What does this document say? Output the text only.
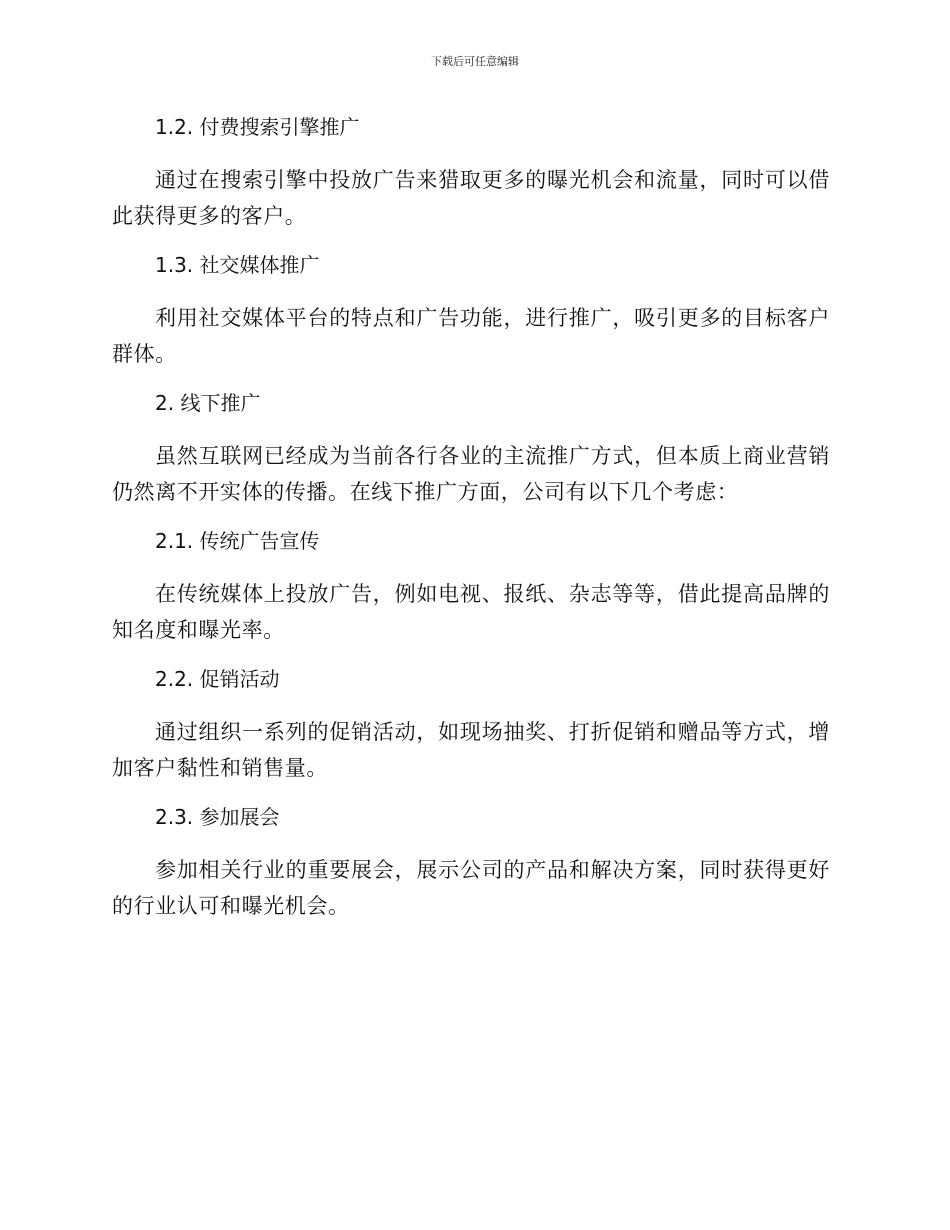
下载后可任意编辑
1.2. 付费搜索引擎推广

通过在搜索引擎中投放广告来猎取更多的曝光机会和流量，同时可以借此获得更多的客户。

1.3. 社交媒体推广

利用社交媒体平台的特点和广告功能，进行推广，吸引更多的目标客户群体。

2. 线下推广

虽然互联网已经成为当前各行各业的主流推广方式，但本质上商业营销仍然离不开实体的传播。在线下推广方面，公司有以下几个考虑：

2.1. 传统广告宣传

在传统媒体上投放广告，例如电视、报纸、杂志等等，借此提高品牌的知名度和曝光率。

2.2. 促销活动

通过组织一系列的促销活动，如现场抽奖、打折促销和赠品等方式，增加客户黏性和销售量。

2.3. 参加展会

参加相关行业的重要展会，展示公司的产品和解决方案，同时获得更好的行业认可和曝光机会。
